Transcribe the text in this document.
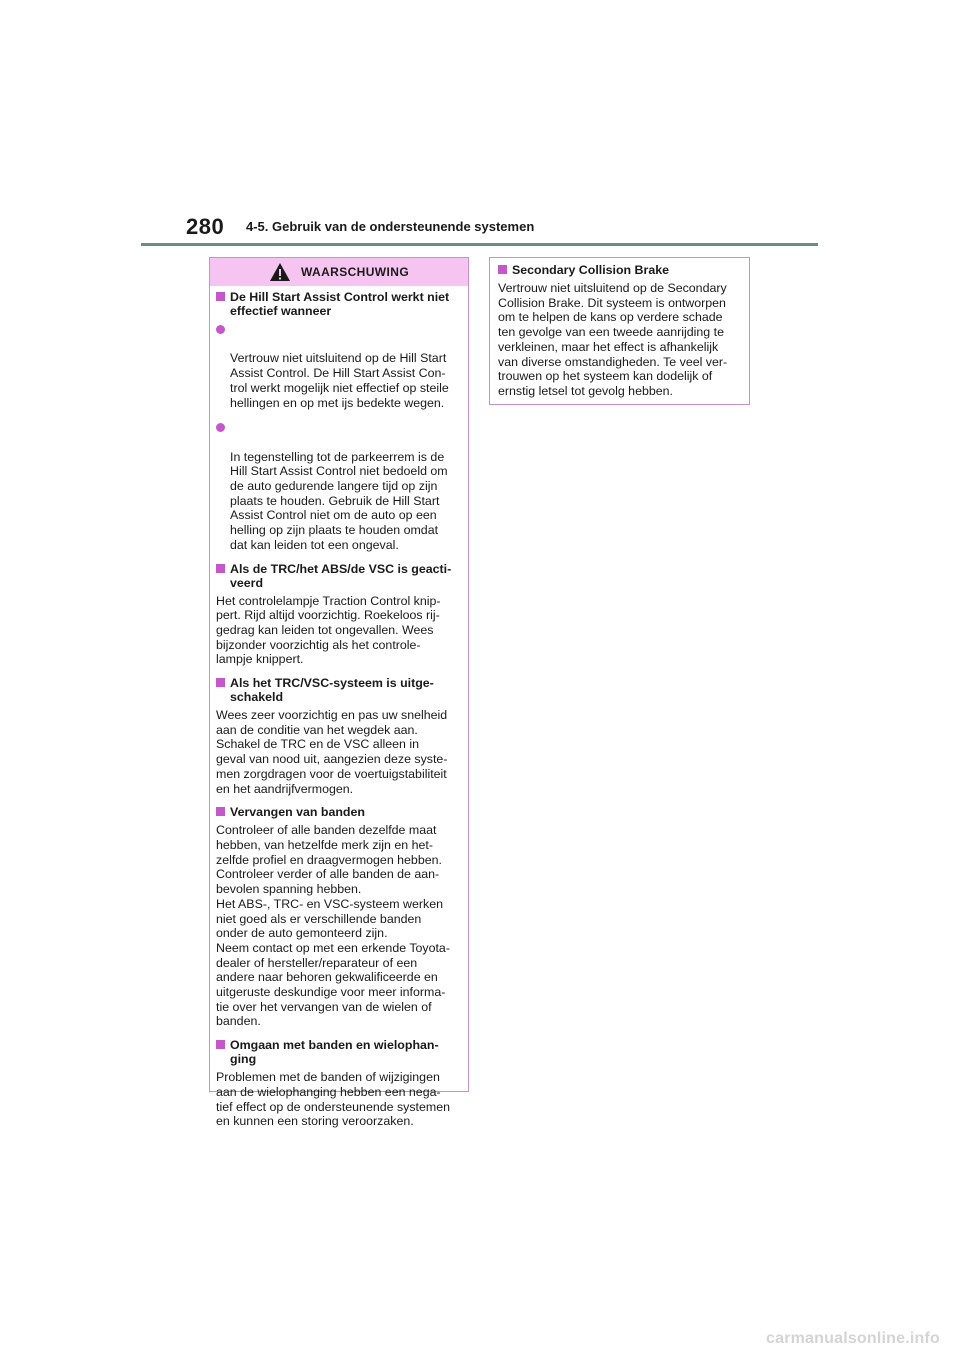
280 4-5. Gebruik van de ondersteunende systemen
WAARSCHUWING
De Hill Start Assist Control werkt niet
effectief wanneer

Vertrouw niet uitsluitend op de Hill Start
Assist Control. De Hill Start Assist Con-
trol werkt mogelijk niet effectief op steile
hellingen en op met ijs bedekte wegen.

In tegenstelling tot de parkeerrem is de
Hill Start Assist Control niet bedoeld om
de auto gedurende langere tijd op zijn
plaats te houden. Gebruik de Hill Start
Assist Control niet om de auto op een
helling op zijn plaats te houden omdat
dat kan leiden tot een ongeval.

Als de TRC/het ABS/de VSC is geacti-
veerd
Het controlelampje Traction Control knip-
pert. Rijd altijd voorzichtig. Roekeloos rij-
gedrag kan leiden tot ongevallen. Wees
bijzonder voorzichtig als het controle-
lampje knippert.
Als het TRC/VSC-systeem is uitge-
schakeld
Wees zeer voorzichtig en pas uw snelheid
aan de conditie van het wegdek aan.
Schakel de TRC en de VSC alleen in
geval van nood uit, aangezien deze syste-
men zorgdragen voor de voertuigstabiliteit
en het aandrijfvermogen.
Vervangen van banden
Controleer of alle banden dezelfde maat
hebben, van hetzelfde merk zijn en het-
zelfde profiel en draagvermogen hebben.
Controleer verder of alle banden de aan-
bevolen spanning hebben.
Het ABS-, TRC- en VSC-systeem werken
niet goed als er verschillende banden
onder de auto gemonteerd zijn.
Neem contact op met een erkende Toyota-
dealer of hersteller/reparateur of een
andere naar behoren gekwalificeerde en
uitgeruste deskundige voor meer informa-
tie over het vervangen van de wielen of
banden.
Omgaan met banden en wielophan-
ging
Problemen met de banden of wijzigingen
aan de wielophanging hebben een nega-
tief effect op de ondersteunende systemen
en kunnen een storing veroorzaken.
Secondary Collision Brake
Vertrouw niet uitsluitend op de Secondary
Collision Brake. Dit systeem is ontworpen
om te helpen de kans op verdere schade
ten gevolge van een tweede aanrijding te
verkleinen, maar het effect is afhankelijk
van diverse omstandigheden. Te veel ver-
trouwen op het systeem kan dodelijk of
ernstig letsel tot gevolg hebben.
carmanualsonline.info
